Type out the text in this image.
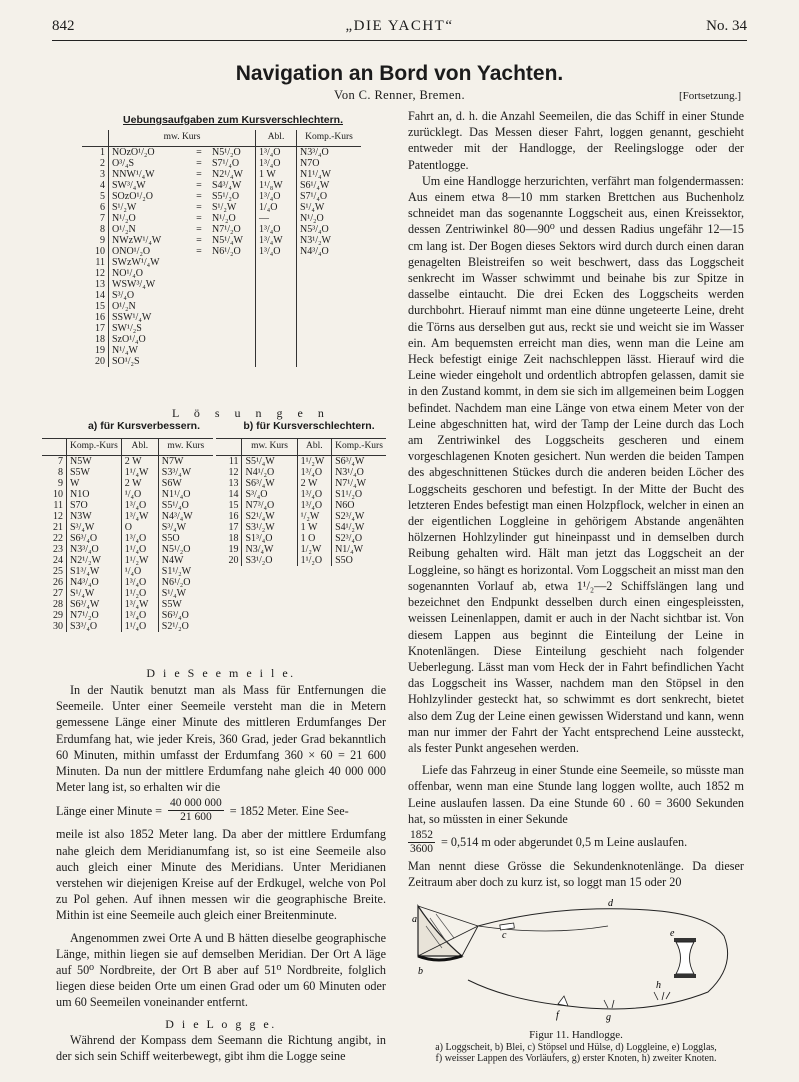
842	„DIE YACHT“	No. 34
Navigation an Bord von Yachten.
Von C. Renner, Bremen.	[Fortsetzung.]

Uebungsaufgaben zum Kursverschlechtern.

	mw. Kurs			Abl.	Komp.-Kurs
1	NOzO¹/₂O	=	N5¹/₂O	1³/₄O	N3³/₄O
2	O³/₄S	=	S7¹/₄O	1³/₄O	N7O
3	NNW¹/₄W	=	N2¹/₄W	1 W	N1¹/₄W
4	SW³/₄W	=	S4³/₄W	1¹/₈W	S6¹/₄W
5	SOzO¹/₂O	=	S5¹/₂O	1³/₄O	S7¹/₄O
6	S¹/₂W	=	S¹/₂W	1/₄O	S¹/₄W
7	N¹/₂O	=	N¹/₂O	—	N¹/₂O
8	O¹/₂N	=	N7¹/₂O	1³/₄O	N5³/₄O
9	NWzW¹/₄W	=	N5¹/₄W	1³/₄W	N3¹/₂W
10	ONO¹/₂O	=	N6¹/₂O	1³/₄O	N4³/₄O
11	SWzW¹/₄W				
12	NO¹/₄O				
13	WSW³/₄W				
14	S³/₄O				
15	O¹/₂N				
16	SSW¹/₄W				
17	SW¹/₂S				
18	SzO¹/₄O				
19	N¹/₄W				
20	SO¹/₂S				
L ö s u n g e n

a) für Kursverbessern.	b) für Kursverschlechtern.

	Komp.-Kurs	Abl.	mw. Kurs
7	N5W	2 W	N7W
8	S5W	1¹/₄W	S3³/₄W
9	W	2 W	S6W
10	N1O	¹/₄O	N1¹/₄O
11	S7O	1³/₄O	S5¹/₄O
12	N3W	1³/₄W	N4³/₄W
21	S³/₄W	O	S³/₄W
22	S6³/₄O	1³/₄O	S5O
23	N3³/₄O	1¹/₄O	N5¹/₂O
24	N2¹/₂W	1¹/₂W	N4W
25	S1³/₄W	¹/₄O	S1¹/₂W
26	N4³/₄O	1³/₄O	N6¹/₂O
27	S¹/₄W	1¹/₂O	S¹/₄W
28	S6³/₄W	1³/₄W	S5W
29	N7¹/₂O	1³/₄O	S6³/₄O
30	S3³/₄O	1¹/₄O	S2¹/₂O
	mw. Kurs	Abl.	Komp.-Kurs
11	S5¹/₄W	1¹/₂W	S6³/₄W
12	N4¹/₂O	1³/₄O	N3¹/₄O
13	S6³/₄W	2 W	N7¹/₄W
14	S³/₄O	1³/₄O	S1¹/₂O
15	N7³/₄O	1³/₄O	N6O
16	S2¹/₄W	¹/₂W	S2³/₄W
17	S3¹/₂W	1 W	S4¹/₂W
18	S1³/₄O	1 O	S2³/₄O
19	N3/₄W	1/₂W	N1/₄W
20	S3¹/₂O	1¹/₂O	S5O
D i e S e e m e i l e.

In der Nautik benutzt man als Mass für Entfernungen die Seemeile. Unter einer Seemeile versteht man die in Metern gemessene Länge einer Minute des mittleren Erdumfanges Der Erdumfang hat, wie jeder Kreis, 360 Grad, jeder Grad bekanntlich 60 Minuten, mithin umfasst der Erdumfang 360 × 60 = 21 600 Minuten. Da nun der mittlere Erdumfang nahe gleich 40 000 000 Meter lang ist, so erhalten wir die

Länge einer Minute = $\frac{40 000 000}{21 600} = 1852$ Meter. Eine See-

meile ist also 1852 Meter lang. Da aber der mittlere Erdumfang nahe gleich dem Meridianumfang ist, so ist eine Seemeile also auch gleich einer Minute des Meridians. Unter Meridianen verstehen wir diejenigen Kreise auf der Erdkugel, welche von Pol zu Pol gehen. Auf ihnen messen wir die geographische Breite. Mithin ist eine Seemeile auch gleich einer Breitenminute.

Angenommen zwei Orte A und B hätten dieselbe geographische Länge, mithin liegen sie auf demselben Meridian. Der Ort A läge auf 50⁰ Nordbreite, der Ort B aber auf 51⁰ Nordbreite, folglich liegen diese beiden Orte um einen Grad oder um 60 Minuten oder um 60 Seemeilen voneinander entfernt.

D i e L o g g e.

Während der Kompass dem Seemann die Richtung angibt, in der sich sein Schiff weiterbewegt, gibt ihm die Logge seine

Fahrt an, d. h. die Anzahl Seemeilen, die das Schiff in einer Stunde zurücklegt. Das Messen dieser Fahrt, loggen genannt, geschieht entweder mit der Handlogge, der Reelingslogge oder der Patentlogge.

Um eine Handlogge herzurichten, verfährt man folgendermassen: Aus einem etwa 8—10 mm starken Brettchen aus Buchenholz schneidet man das sogenannte Loggscheit aus, einen Kreissektor, dessen Zentriwinkel 80—90⁰ und dessen Radius ungefähr 12—15 cm lang ist. Der Bogen dieses Sektors wird durch durch einen daran genagelten Bleistreifen so weit beschwert, dass das Loggscheit senkrecht im Wasser schwimmt und beinahe bis zur Spitze in dasselbe eintaucht. Die drei Ecken des Loggscheits werden durchbohrt. Hierauf nimmt man eine dünne ungeteerte Leine, dreht die Törns aus derselben gut aus, reckt sie und weicht sie im Wasser ein. Am bequemsten erreicht man dies, wenn man die Leine am Heck befestigt einige Zeit nachschleppen lässt. Hierauf wird die Leine wieder eingeholt und ordentlich abtropfen gelassen, damit sie in den Zustand kommt, in dem sie sich im allgemeinen beim Loggen befindet. Nachdem man eine Länge von etwa einem Meter von der Leine abgeschnitten hat, wird der Tamp der Leine durch das Loch am Zentriwinkel des Loggscheits gescheren und einem vorgeschlagenen Knoten gesichert. Nun werden die beiden Tampen des abgeschnittenen Stückes durch die anderen beiden Löcher des Loggscheits geschoren und befestigt. In der Mitte der Bucht des letzteren Endes befestigt man einen Holzpflock, welcher in einen an der eigentlichen Loggleine in gehörigem Abstande angenähten hölzernen Hohlzylinder gut hineinpasst und in demselben durch Reibung gehalten wird. Hält man jetzt das Loggscheit an der Loggleine, so hängt es horizontal. Vom Loggscheit an misst man den sogenannten Vorlauf ab, etwa 1¹/₂—2 Schiffslängen lang und bezeichnet den Endpunkt desselben durch einen eingespleissten, weissen Leinenlappen, damit er auch in der Nacht sichtbar ist. Von diesem Lappen aus beginnt die Einteilung der Leine in Knotenlängen. Diese Einteilung geschieht nach folgender Ueberlegung. Lässt man vom Heck der in Fahrt befindlichen Yacht das Loggscheit ins Wasser, nachdem man den Stöpsel in den Hohlzylinder gesteckt hat, so schwimmt es dort senkrecht, bietet also dem Zug der Leine einen gewissen Widerstand und kann, wenn man nur immer der Fahrt der Yacht entsprechend Leine aussteckt, als fester Punkt angesehen werden.

Liefe das Fahrzeug in einer Stunde eine Seemeile, so müsste man offenbar, wenn man eine Stunde lang loggen wollte, auch 1852 m Leine auslaufen lassen. Da eine Stunde 60 . 60 = 3600 Sekunden hat, so müssten in einer Sekunde

$\frac{1852}{3600} = 0,514$ m oder abgerundet 0,5 m Leine auslaufen.

Man nennt diese Grösse die Sekundenknotenlänge. Da dieser Zeitraum aber doch zu kurz ist, so loggt man 15 oder 20

a
b
c
d
e
f	g
h
Figur 11. Handlogge.
a) Loggscheit, b) Blei, c) Stöpsel und Hülse, d) Loggleine, e) Logglas,
f) weisser Lappen des Vorläufers, g) erster Knoten, h) zweiter Knoten.
